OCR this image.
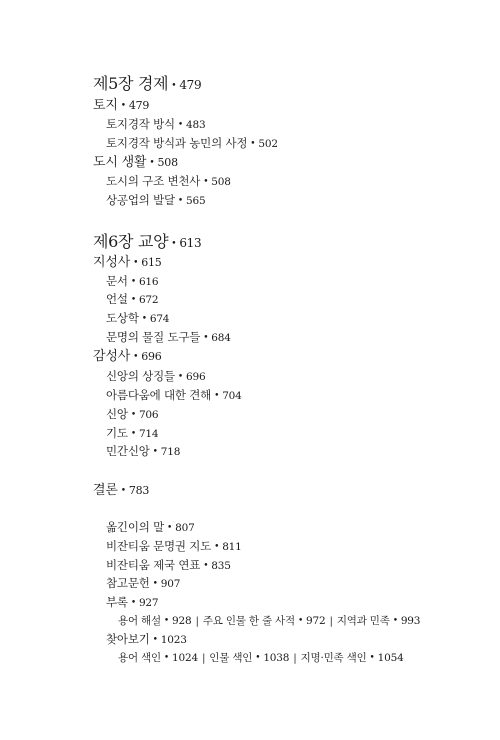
제5장 경제 • 479
토지 • 479
토지경작 방식 • 483
토지경작 방식과 농민의 사정 • 502
도시 생활 • 508
도시의 구조 변천사 • 508
상공업의 발달 • 565
제6장 교양 • 613
지성사 • 615
문서 • 616
언설 • 672
도상학 • 674
문명의 물질 도구들 • 684
감성사 • 696
신앙의 상징들 • 696
아름다움에 대한 견해 • 704
신앙 • 706
기도 • 714
민간신앙 • 718
결론 • 783
옮긴이의 말 • 807
비잔티움 문명권 지도 • 811
비잔티움 제국 연표 • 835
참고문헌 • 907
부록 • 927
용어 해설 • 928 | 주요 인물 한 줄 사적 • 972 | 지역과 민족 • 993
찾아보기 • 1023
용어 색인 • 1024 | 인물 색인 • 1038 | 지명·민족 색인 • 1054
